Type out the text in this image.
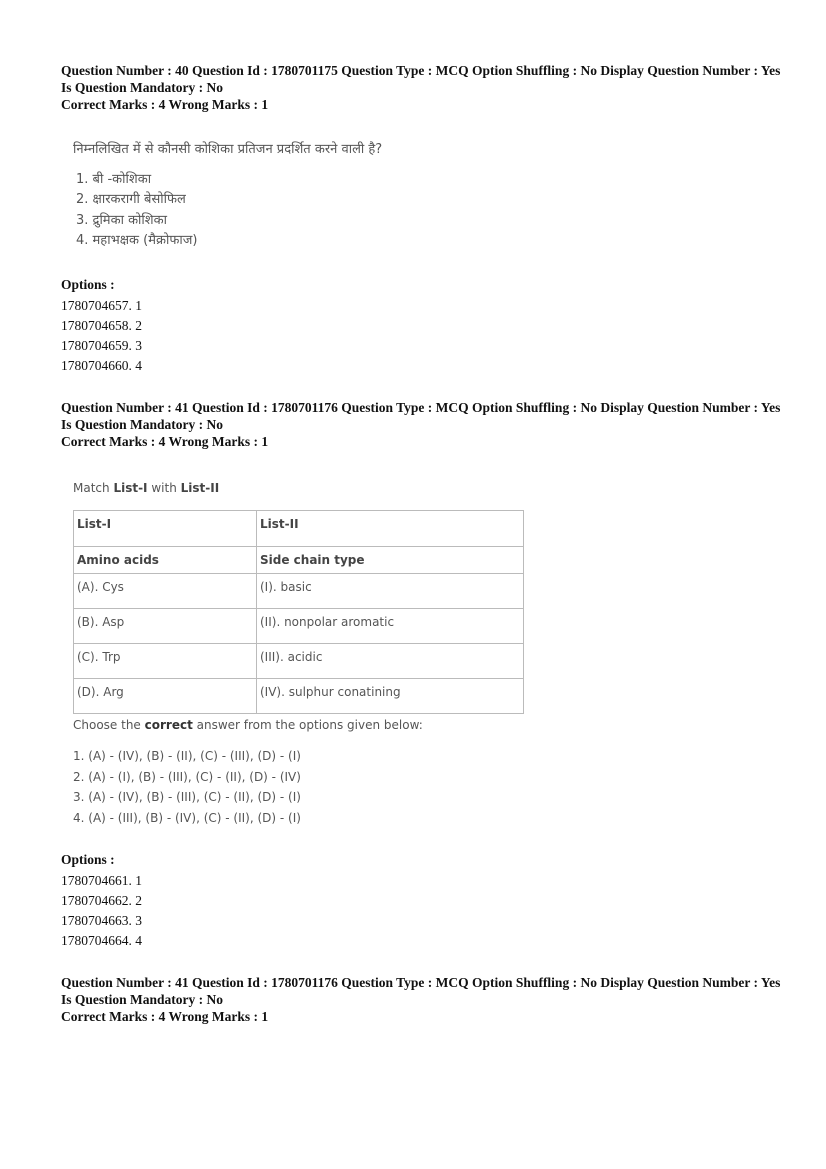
Question Number : 40 Question Id : 1780701175 Question Type : MCQ Option Shuffling : No Display Question Number : Yes

Is Question Mandatory : No

Correct Marks : 4 Wrong Marks : 1

निम्नलिखित में से कौनसी कोशिका प्रतिजन प्रदर्शित करने वाली है?
1. बी -कोशिका
2. क्षारकरागी बेसोफिल
3. द्रुमिका कोशिका
4. महाभक्षक (मैक्रोफाज)
Options :
1780704657. 1
1780704658. 2
1780704659. 3
1780704660. 4

Question Number : 41 Question Id : 1780701176 Question Type : MCQ Option Shuffling : No Display Question Number : Yes

Is Question Mandatory : No

Correct Marks : 4 Wrong Marks : 1

Match List-I with List-II
List-I	List-II
Amino acids	Side chain type
(A). Cys	(I). basic
(B). Asp	(II). nonpolar aromatic
(C). Trp	(III). acidic
(D). Arg	(IV). sulphur conatining
Choose the correct answer from the options given below:
1. (A) - (IV), (B) - (II), (C) - (III), (D) - (I)
2. (A) - (I), (B) - (III), (C) - (II), (D) - (IV)
3. (A) - (IV), (B) - (III), (C) - (II), (D) - (I)
4. (A) - (III), (B) - (IV), (C) - (II), (D) - (I)
Options :
1780704661. 1
1780704662. 2
1780704663. 3
1780704664. 4

Question Number : 41 Question Id : 1780701176 Question Type : MCQ Option Shuffling : No Display Question Number : Yes

Is Question Mandatory : No

Correct Marks : 4 Wrong Marks : 1
